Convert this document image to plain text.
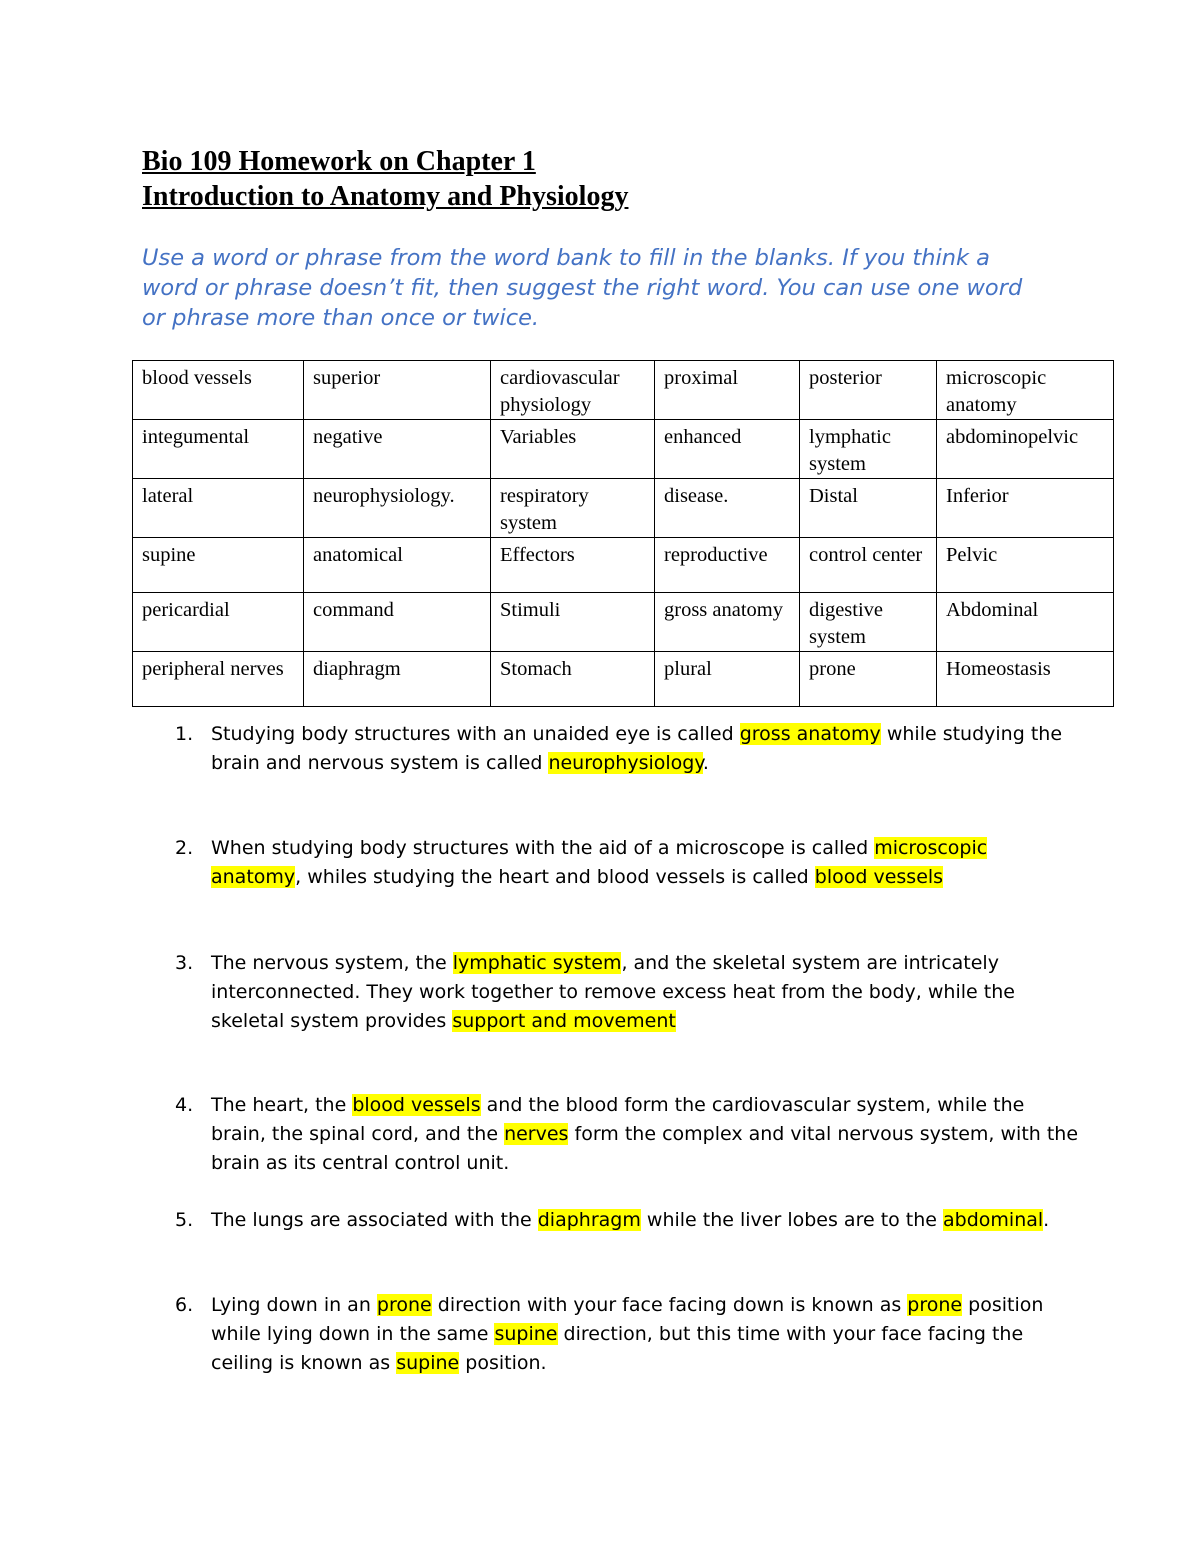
Bio 109 Homework on Chapter 1
Introduction to Anatomy and Physiology
Use a word or phrase from the word bank to fill in the blanks. If you think a word or phrase doesn’t fit, then suggest the right word. You can use one word or phrase more than once or twice.
blood vessels	superior	cardiovascular physiology	proximal	posterior	microscopic anatomy
integumental	negative	Variables	enhanced	lymphatic system	abdominopelvic
lateral	neurophysiology.	respiratory system	disease.	Distal	Inferior
supine	anatomical	Effectors	reproductive	control center	Pelvic
pericardial	command	Stimuli	gross anatomy	digestive system	Abdominal
peripheral nerves	diaphragm	Stomach	plural	prone	Homeostasis
1. Studying body structures with an unaided eye is called gross anatomy while studying the brain and nervous system is called neurophysiology.
2. When studying body structures with the aid of a microscope is called microscopic anatomy, whiles studying the heart and blood vessels is called blood vessels
3. The nervous system, the lymphatic system, and the skeletal system are intricately interconnected. They work together to remove excess heat from the body, while the skeletal system provides support and movement
4. The heart, the blood vessels and the blood form the cardiovascular system, while the brain, the spinal cord, and the nerves form the complex and vital nervous system, with the brain as its central control unit.
5. The lungs are associated with the diaphragm while the liver lobes are to the abdominal.
6. Lying down in an prone direction with your face facing down is known as prone position while lying down in the same supine direction, but this time with your face facing the ceiling is known as supine position.
